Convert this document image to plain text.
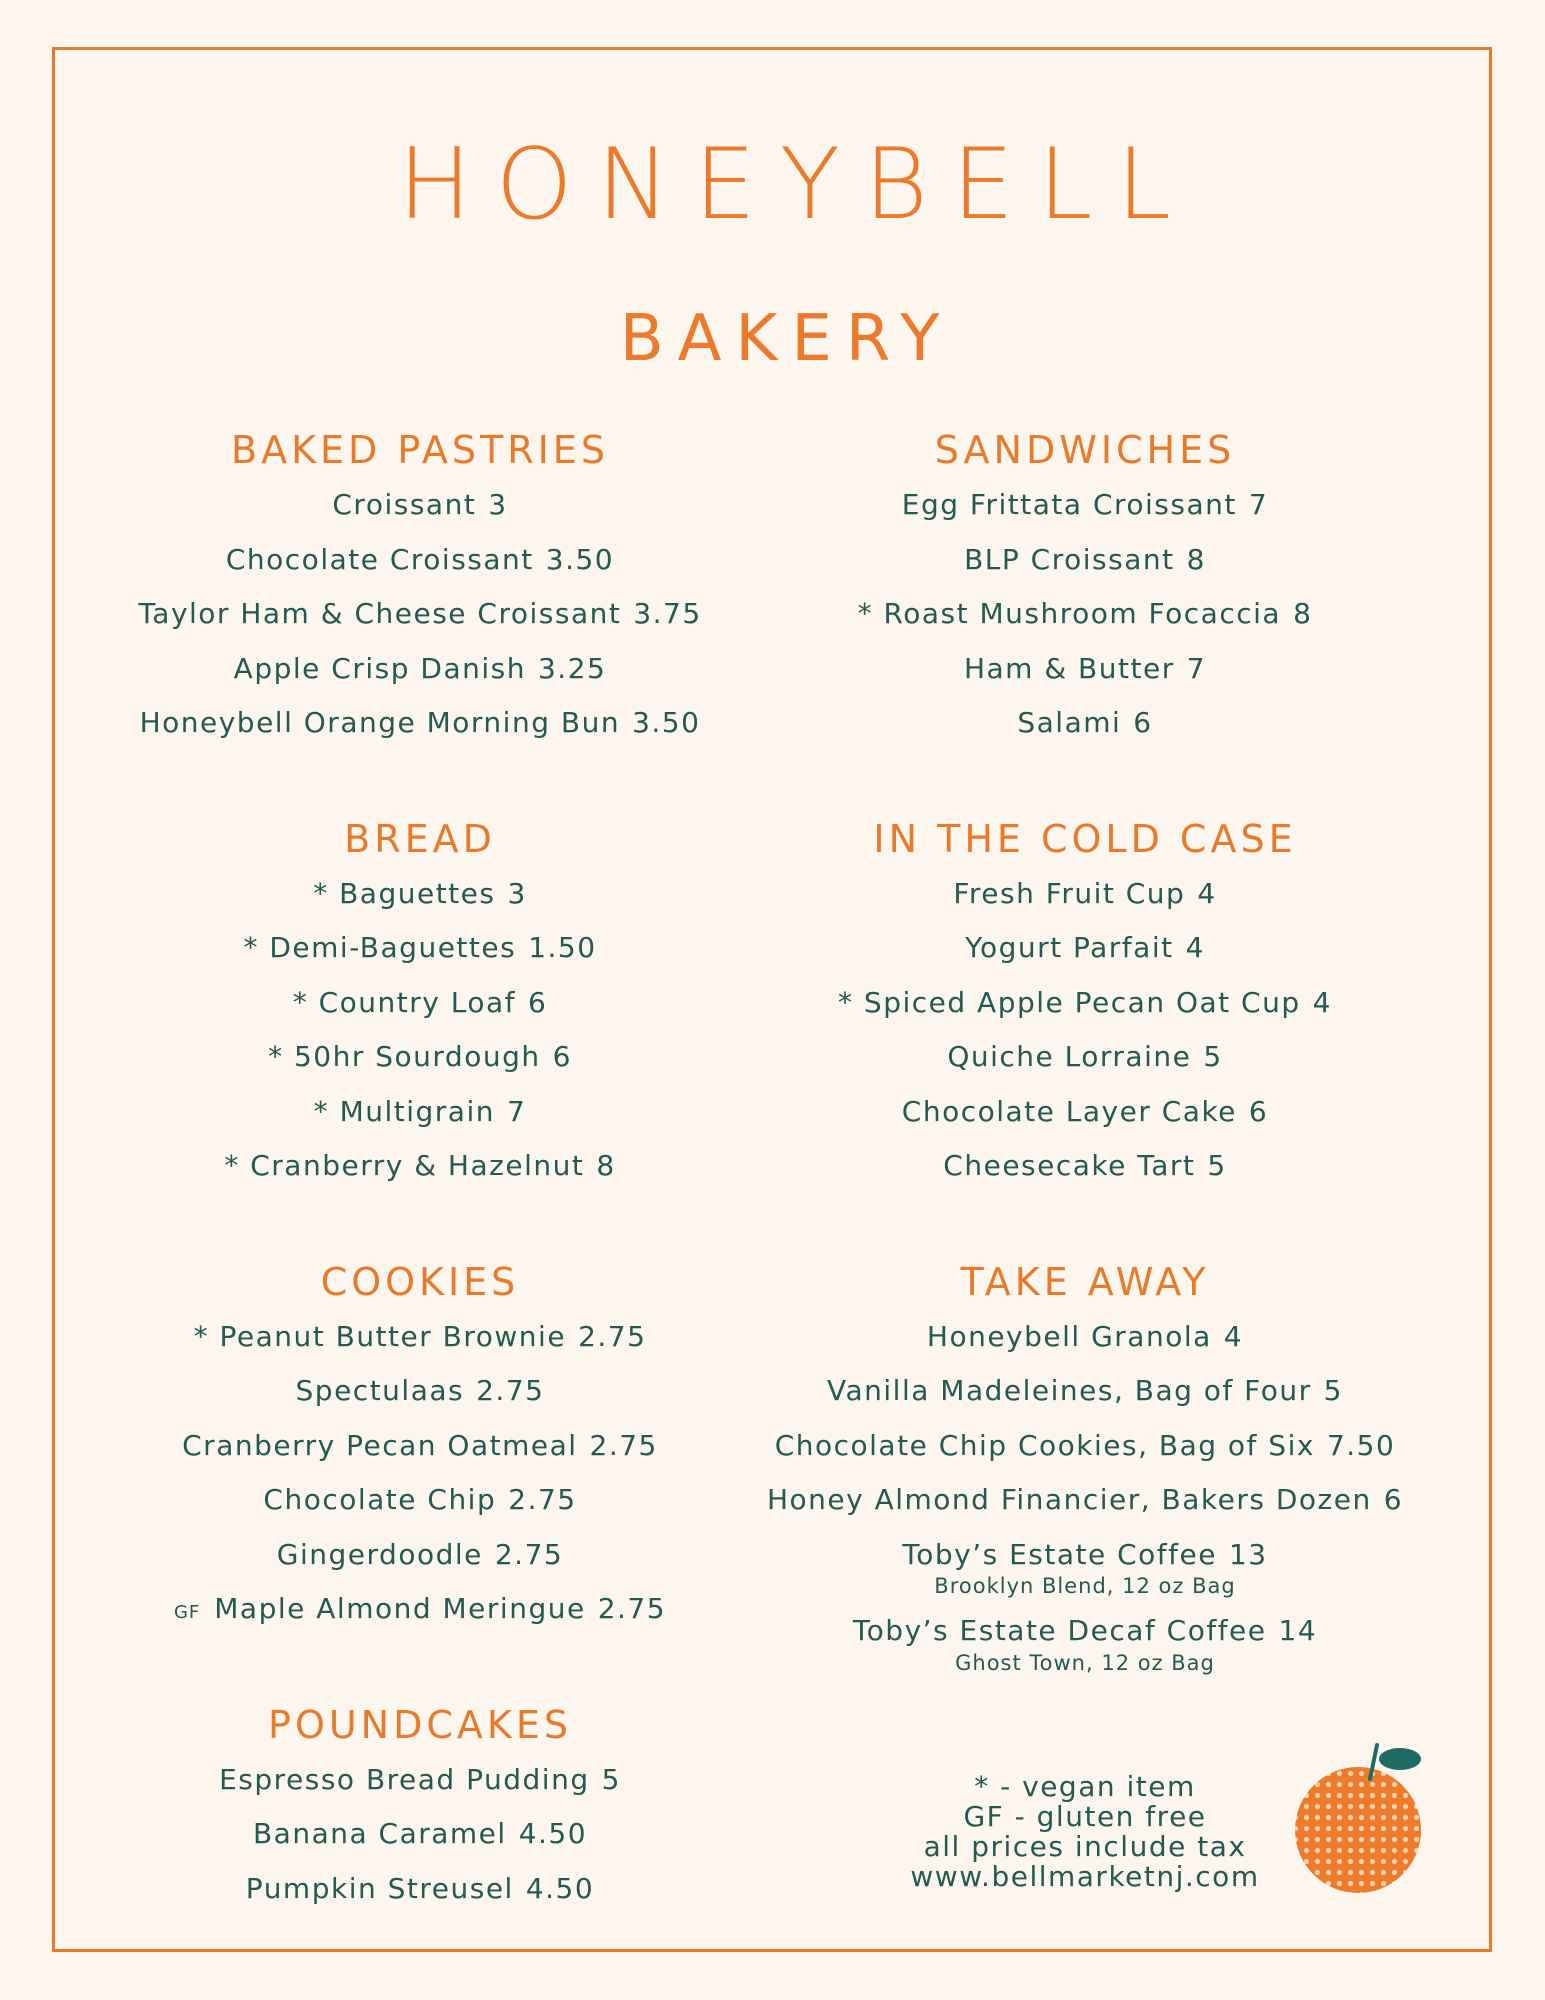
HONEYBELL
BAKERY
BAKED PASTRIES
Croissant 3
Chocolate Croissant 3.50
Taylor Ham & Cheese Croissant 3.75
Apple Crisp Danish 3.25
Honeybell Orange Morning Bun 3.50
BREAD
* Baguettes 3
* Demi-Baguettes 1.50
* Country Loaf 6
* 50hr Sourdough 6
* Multigrain 7
* Cranberry & Hazelnut 8
COOKIES
* Peanut Butter Brownie 2.75
Spectulaas 2.75
Cranberry Pecan Oatmeal 2.75
Chocolate Chip 2.75
Gingerdoodle 2.75
GF Maple Almond Meringue 2.75
POUNDCAKES
Espresso Bread Pudding 5
Banana Caramel 4.50
Pumpkin Streusel 4.50
SANDWICHES
Egg Frittata Croissant 7
BLP Croissant 8
* Roast Mushroom Focaccia 8
Ham & Butter 7
Salami 6
IN THE COLD CASE
Fresh Fruit Cup 4
Yogurt Parfait 4
* Spiced Apple Pecan Oat Cup 4
Quiche Lorraine 5
Chocolate Layer Cake 6
Cheesecake Tart 5
TAKE AWAY
Honeybell Granola 4
Vanilla Madeleines, Bag of Four 5
Chocolate Chip Cookies, Bag of Six 7.50
Honey Almond Financier, Bakers Dozen 6
Toby’s Estate Coffee 13
Brooklyn Blend, 12 oz Bag
Toby’s Estate Decaf Coffee 14
Ghost Town, 12 oz Bag
* - vegan item
GF - gluten free
all prices include tax
www.bellmarketnj.com
